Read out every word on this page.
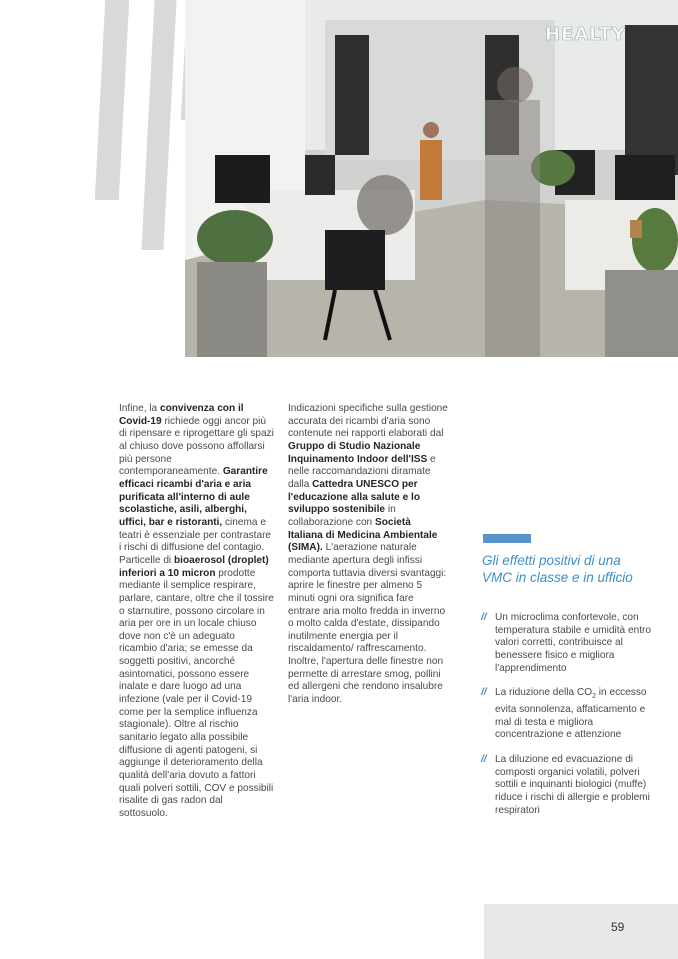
HEALTY
Infine, la convivenza con il Covid-19 richiede oggi ancor più di ripensare e riprogettare gli spazi al chiuso dove possono affollarsi più persone contemporaneamente. Garantire efficaci ricambi d'aria e aria purificata all'interno di aule scolastiche, asili, alberghi, uffici, bar e ristoranti, cinema e teatri è essenziale per contrastare i rischi di diffusione del contagio. Particelle di bioaerosol (droplet) inferiori a 10 micron prodotte mediante il semplice respirare, parlare, cantare, oltre che il tossire o starnutire, possono circolare in aria per ore in un locale chiuso dove non c'è un adeguato ricambio d'aria; se emesse da soggetti positivi, ancorché asintomatici, possono essere inalate e dare luogo ad una infezione (vale per il Covid-19 come per la semplice influenza stagionale). Oltre al rischio sanitario legato alla possibile diffusione di agenti patogeni, si aggiunge il deterioramento della qualità dell'aria dovuto a fattori quali polveri sottili, COV e possibili risalite di gas radon dal sottosuolo.
Indicazioni specifiche sulla gestione accurata dei ricambi d'aria sono contenute nei rapporti elaborati dal Gruppo di Studio Nazionale Inquinamento Indoor dell'ISS e nelle raccomandazioni diramate dalla Cattedra UNESCO per l'educazione alla salute e lo sviluppo sostenibile in collaborazione con Società Italiana di Medicina Ambientale (SIMA). L'aerazione naturale mediante apertura degli infissi comporta tuttavia diversi svantaggi: aprire le finestre per almeno 5 minuti ogni ora significa fare entrare aria molto fredda in inverno o molto calda d'estate, dissipando inutilmente energia per il riscaldamento/ raffrescamento. Inoltre, l'apertura delle finestre non permette di arrestare smog, pollini ed allergeni che rendono insalubre l'aria indoor.
Gli effetti positivi di una VMC in classe e in ufficio
// Un microclima confortevole, con temperatura stabile e umidità entro valori corretti, contribuisce al benessere fisico e migliora l'apprendimento
// La riduzione della $CO_2$ in eccesso evita sonnolenza, affaticamento e mal di testa e migliora concentrazione e attenzione
// La diluzione ed evacuazione di composti organici volatili, polveri sottili e inquinanti biologici (muffe) riduce i rischi di allergie e problemi respiratori
59
